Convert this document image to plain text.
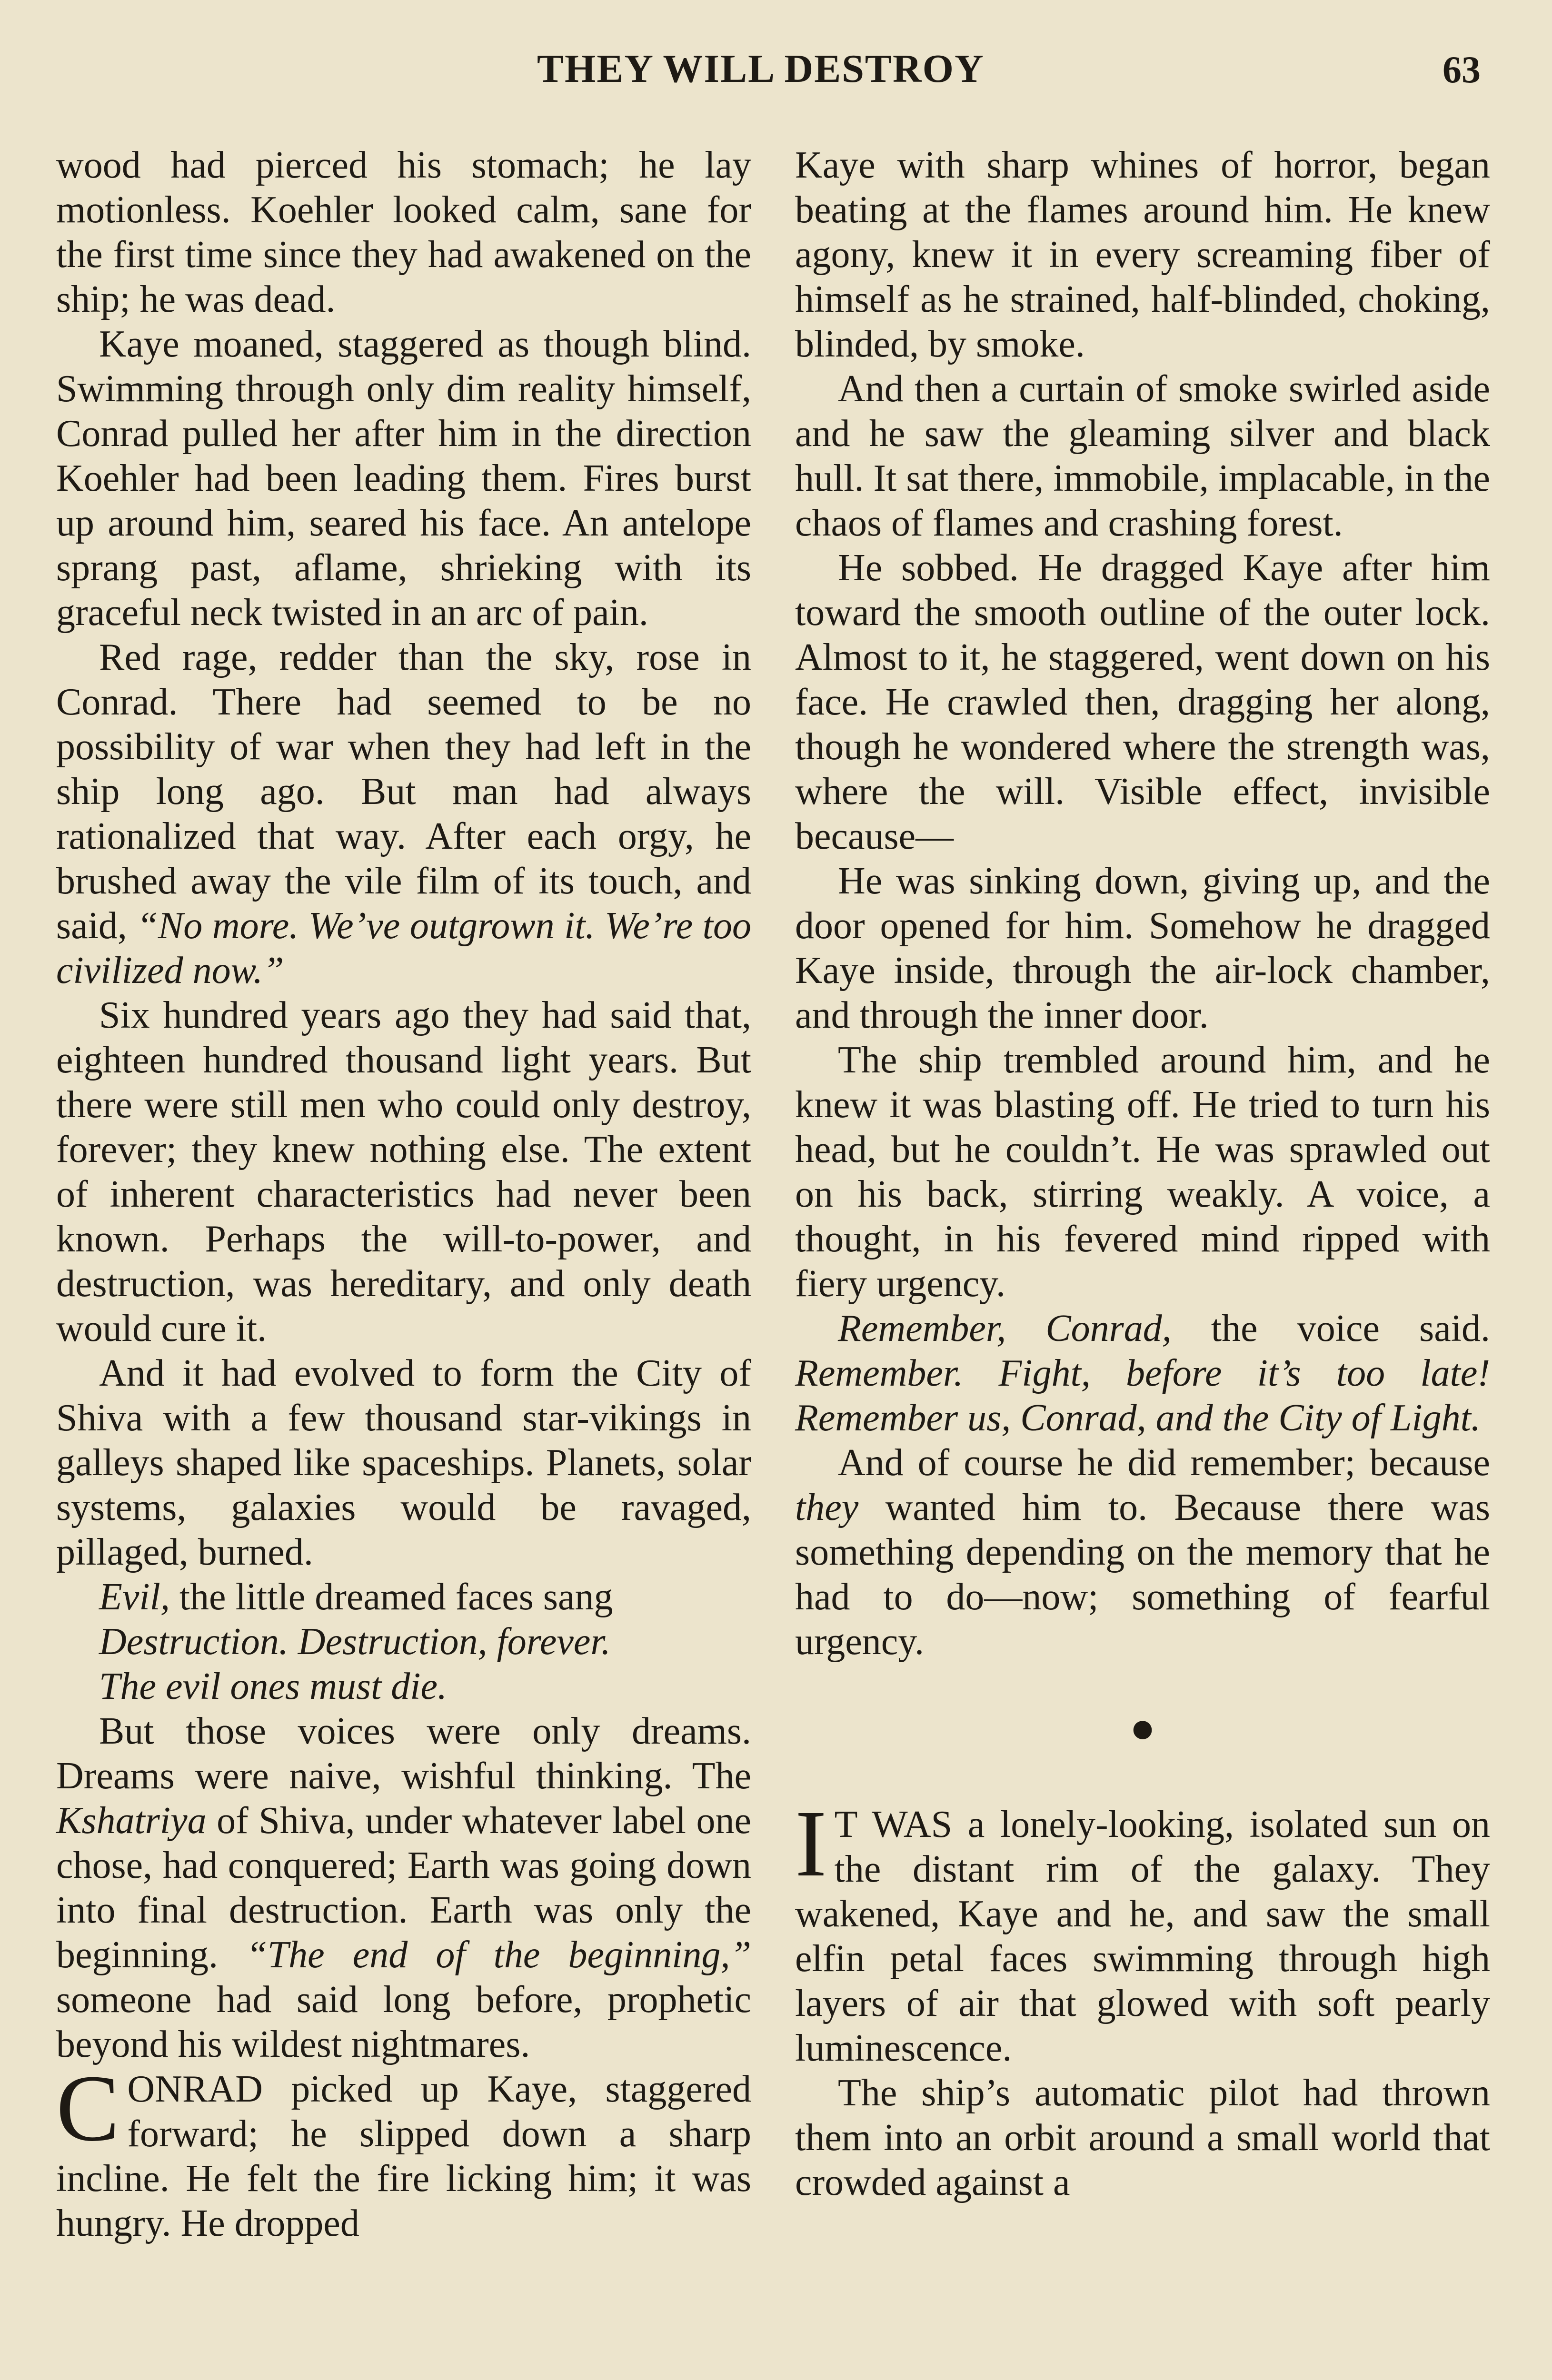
THEY WILL DESTROY	63

wood had pierced his stomach; he lay motionless. Koehler looked calm, sane for the first time since they had awakened on the ship; he was dead.

Kaye moaned, staggered as though blind. Swimming through only dim reality himself, Conrad pulled her after him in the direction Koehler had been leading them. Fires burst up around him, seared his face. An antelope sprang past, aflame, shrieking with its graceful neck twisted in an arc of pain.

Red rage, redder than the sky, rose in Conrad. There had seemed to be no possibility of war when they had left in the ship long ago. But man had always rationalized that way. After each orgy, he brushed away the vile film of its touch, and said, “No more. We’ve outgrown it. We’re too civilized now.”

Six hundred years ago they had said that, eighteen hundred thousand light years. But there were still men who could only destroy, forever; they knew nothing else. The extent of inherent characteristics had never been known. Perhaps the will-to-power, and destruction, was hereditary, and only death would cure it.

And it had evolved to form the City of Shiva with a few thousand star-vikings in galleys shaped like spaceships. Planets, solar systems, galaxies would be ravaged, pillaged, burned.

Evil, the little dreamed faces sang

Destruction. Destruction, forever.

The evil ones must die.

But those voices were only dreams. Dreams were naive, wishful thinking. The Kshatriya of Shiva, under whatever label one chose, had conquered; Earth was going down into final destruction. Earth was only the beginning. “The end of the beginning,” someone had said long before, prophetic beyond his wildest nightmares.

CONRAD picked up Kaye, staggered forward; he slipped down a sharp incline. He felt the fire licking him; it was hungry. He dropped

Kaye with sharp whines of horror, began beating at the flames around him. He knew agony, knew it in every screaming fiber of himself as he strained, half-blinded, choking, blinded, by smoke.

And then a curtain of smoke swirled aside and he saw the gleaming silver and black hull. It sat there, immobile, implacable, in the chaos of flames and crashing forest.

He sobbed. He dragged Kaye after him toward the smooth outline of the outer lock. Almost to it, he staggered, went down on his face. He crawled then, dragging her along, though he wondered where the strength was, where the will. Visible effect, invisible because—

He was sinking down, giving up, and the door opened for him. Somehow he dragged Kaye inside, through the air-lock chamber, and through the inner door.

The ship trembled around him, and he knew it was blasting off. He tried to turn his head, but he couldn’t. He was sprawled out on his back, stirring weakly. A voice, a thought, in his fevered mind ripped with fiery urgency.

Remember, Conrad, the voice said. Remember. Fight, before it’s too late! Remember us, Conrad, and the City of Light.

And of course he did remember; because they wanted him to. Because there was something depending on the memory that he had to do—now; something of fearful urgency.

●

I T WAS a lonely-looking, isolated sun on the distant rim of the galaxy. They wakened, Kaye and he, and saw the small elfin petal faces swimming through high layers of air that glowed with soft pearly luminescence.

The ship’s automatic pilot had thrown them into an orbit around a small world that crowded against a
